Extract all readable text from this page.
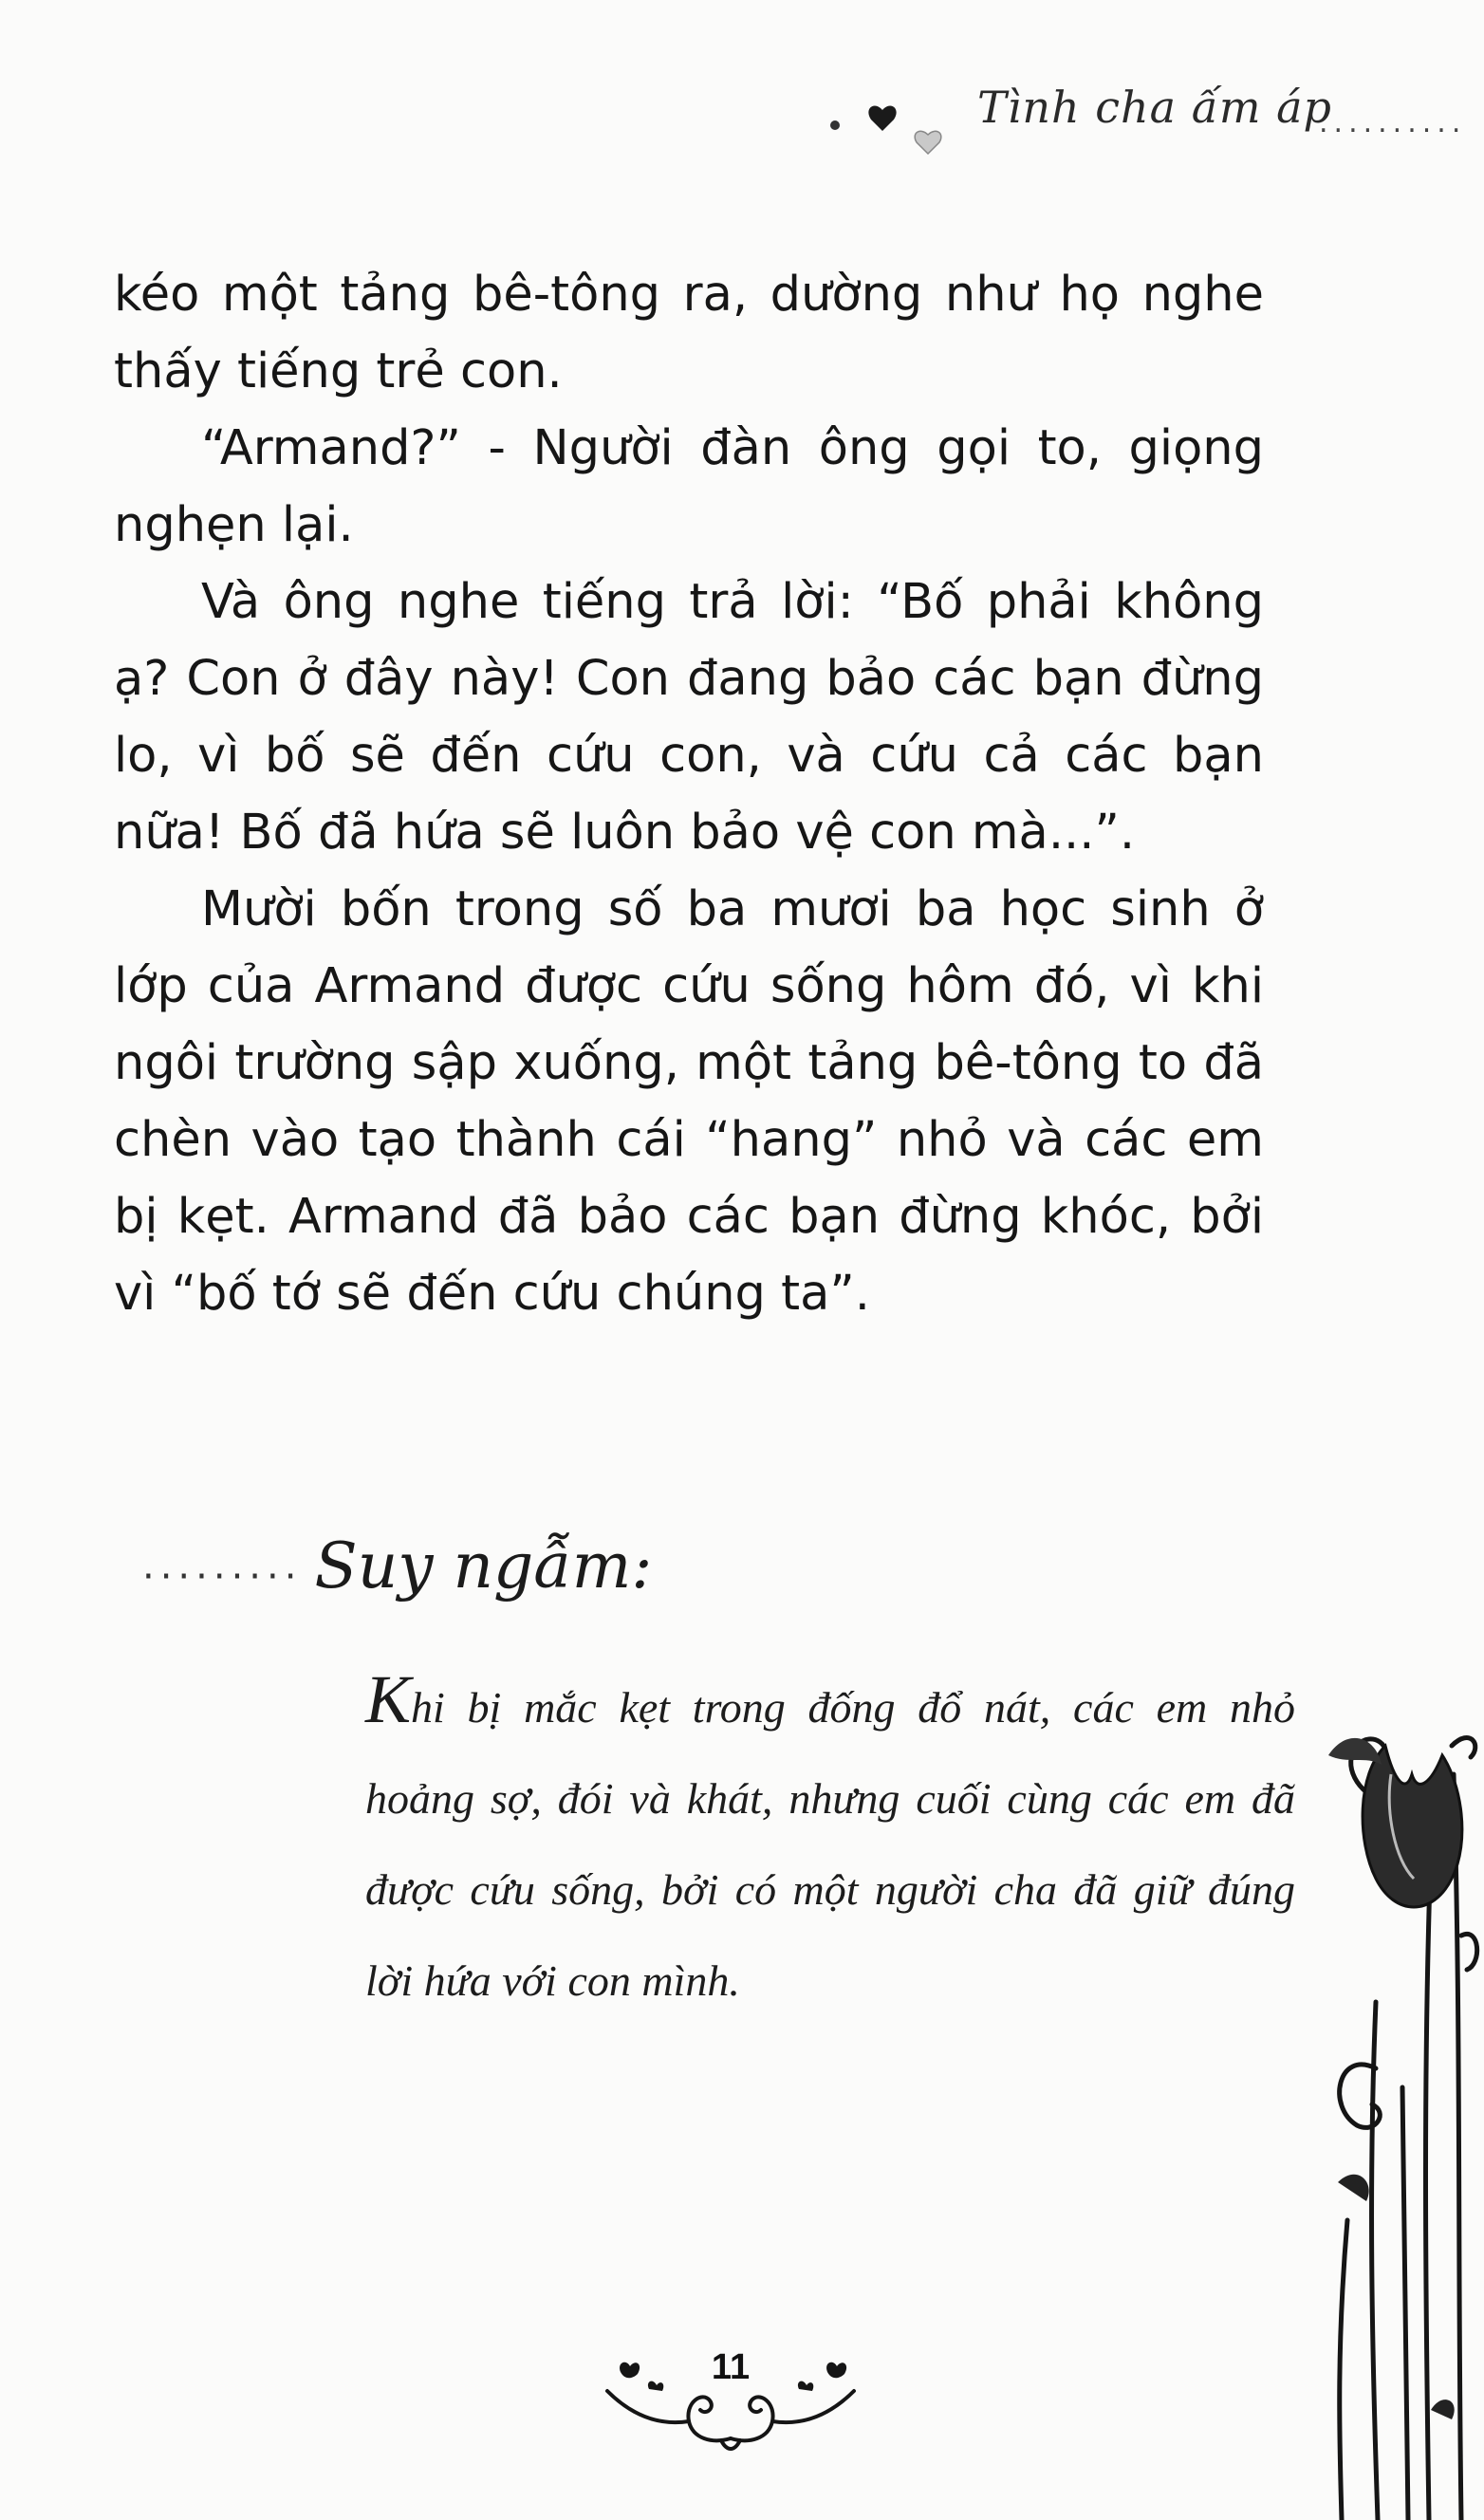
Tình cha ấm áp
..........

kéo một tảng bê-tông ra, dường như họ nghe thấy tiếng trẻ con.

“Armand?” - Người đàn ông gọi to, giọng nghẹn lại.

Và ông nghe tiếng trả lời: “Bố phải không ạ? Con ở đây này! Con đang bảo các bạn đừng lo, vì bố sẽ đến cứu con, và cứu cả các bạn nữa! Bố đã hứa sẽ luôn bảo vệ con mà...”.

Mười bốn trong số ba mươi ba học sinh ở lớp của Armand được cứu sống hôm đó, vì khi ngôi trường sập xuống, một tảng bê-tông to đã chèn vào tạo thành cái “hang” nhỏ và các em bị kẹt. Armand đã bảo các bạn đừng khóc, bởi vì “bố tớ sẽ đến cứu chúng ta”.

......... Suy ngẫm:
Khi bị mắc kẹt trong đống đổ nát, các em nhỏ hoảng sợ, đói và khát, nhưng cuối cùng các em đã được cứu sống, bởi có một người cha đã giữ đúng lời hứa với con mình.
11
